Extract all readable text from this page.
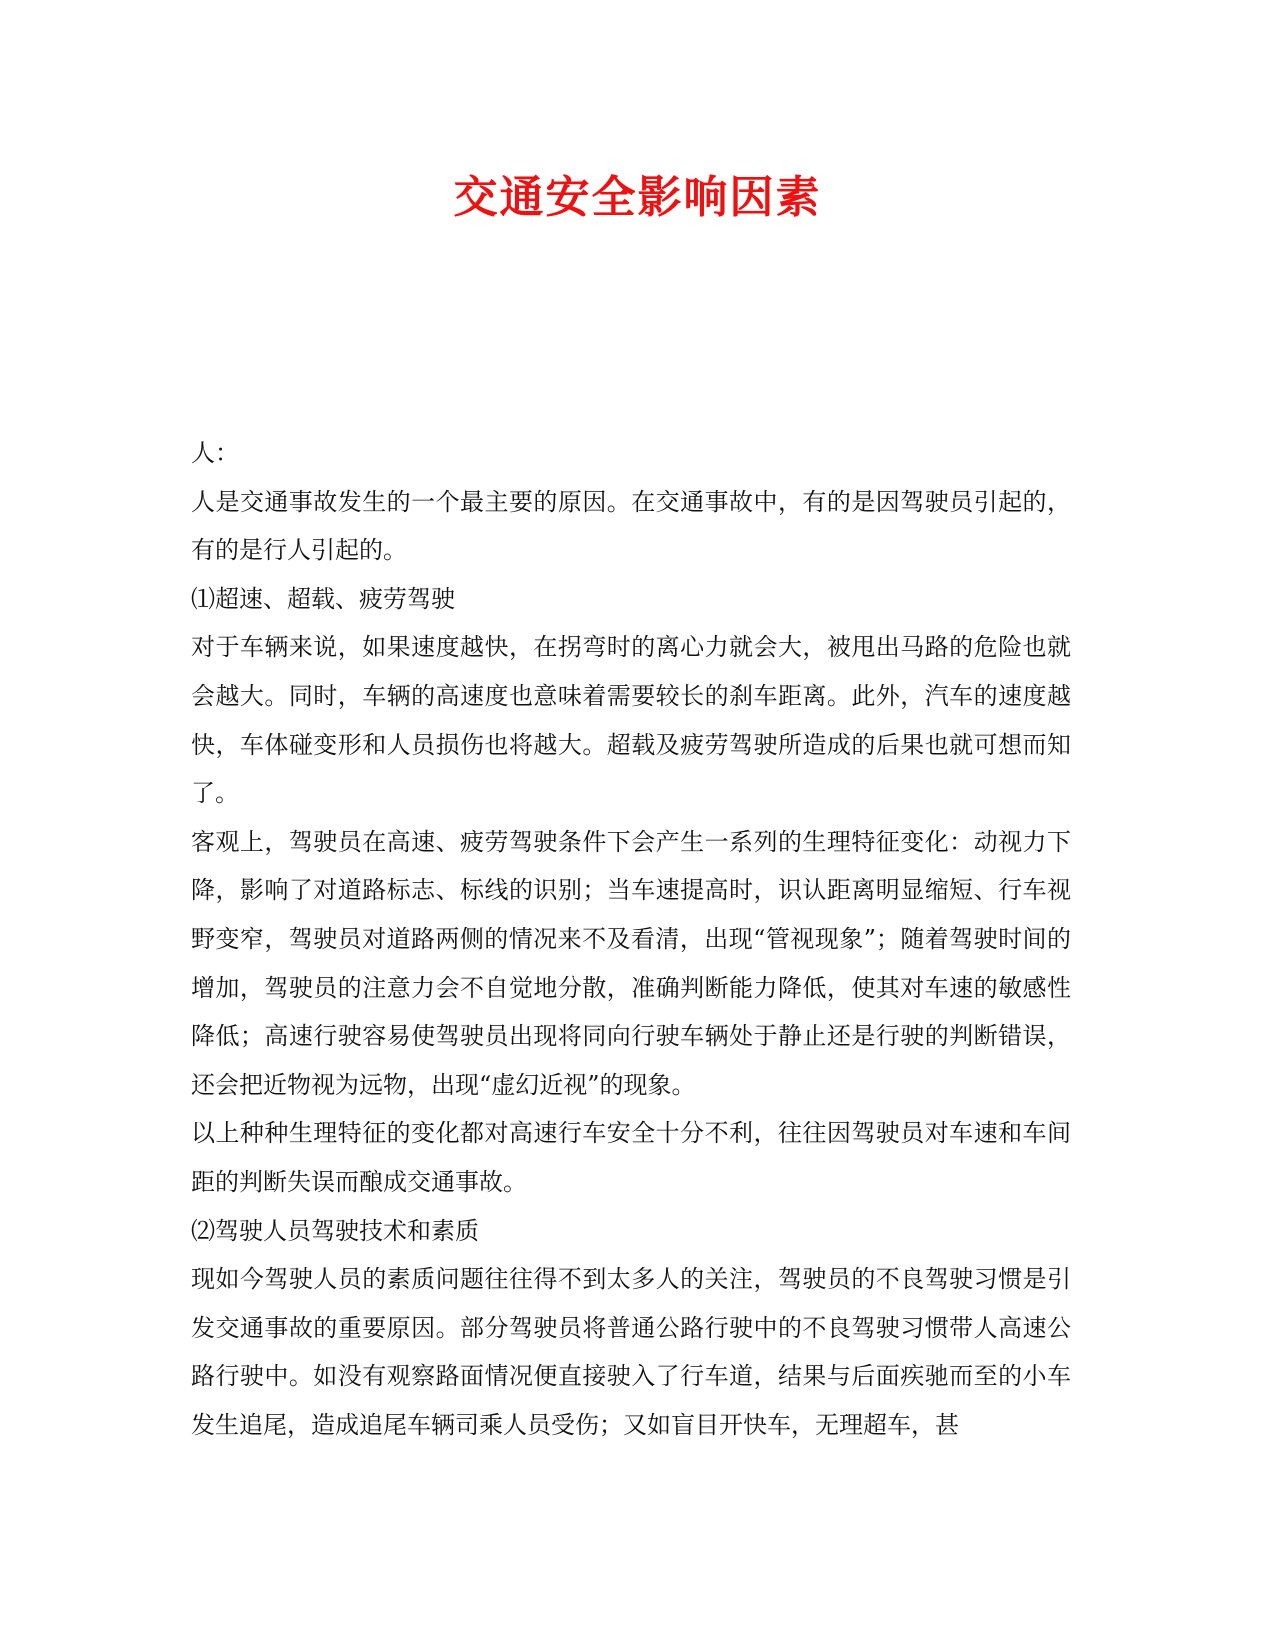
交通安全影响因素

人：

人是交通事故发生的一个最主要的原因。在交通事故中，有的是因驾驶员引起的，有的是行人引起的。

⑴超速、超载、疲劳驾驶

对于车辆来说，如果速度越快，在拐弯时的离心力就会大，被甩出马路的危险也就会越大。同时，车辆的高速度也意味着需要较长的刹车距离。此外，汽车的速度越快，车体碰变形和人员损伤也将越大。超载及疲劳驾驶所造成的后果也就可想而知了。

客观上，驾驶员在高速、疲劳驾驶条件下会产生一系列的生理特征变化：动视力下降，影响了对道路标志、标线的识别；当车速提高时，识认距离明显缩短、行车视野变窄，驾驶员对道路两侧的情况来不及看清，出现“管视现象”；随着驾驶时间的增加，驾驶员的注意力会不自觉地分散，准确判断能力降低，使其对车速的敏感性降低；高速行驶容易使驾驶员出现将同向行驶车辆处于静止还是行驶的判断错误，还会把近物视为远物，出现“虚幻近视”的现象。

以上种种生理特征的变化都对高速行车安全十分不利，往往因驾驶员对车速和车间距的判断失误而酿成交通事故。

⑵驾驶人员驾驶技术和素质

现如今驾驶人员的素质问题往往得不到太多人的关注，驾驶员的不良驾驶习惯是引发交通事故的重要原因。部分驾驶员将普通公路行驶中的不良驾驶习惯带人高速公路行驶中。如没有观察路面情况便直接驶入了行车道，结果与后面疾驰而至的小车发生追尾，造成追尾车辆司乘人员受伤；又如盲目开快车，无理超车，甚
